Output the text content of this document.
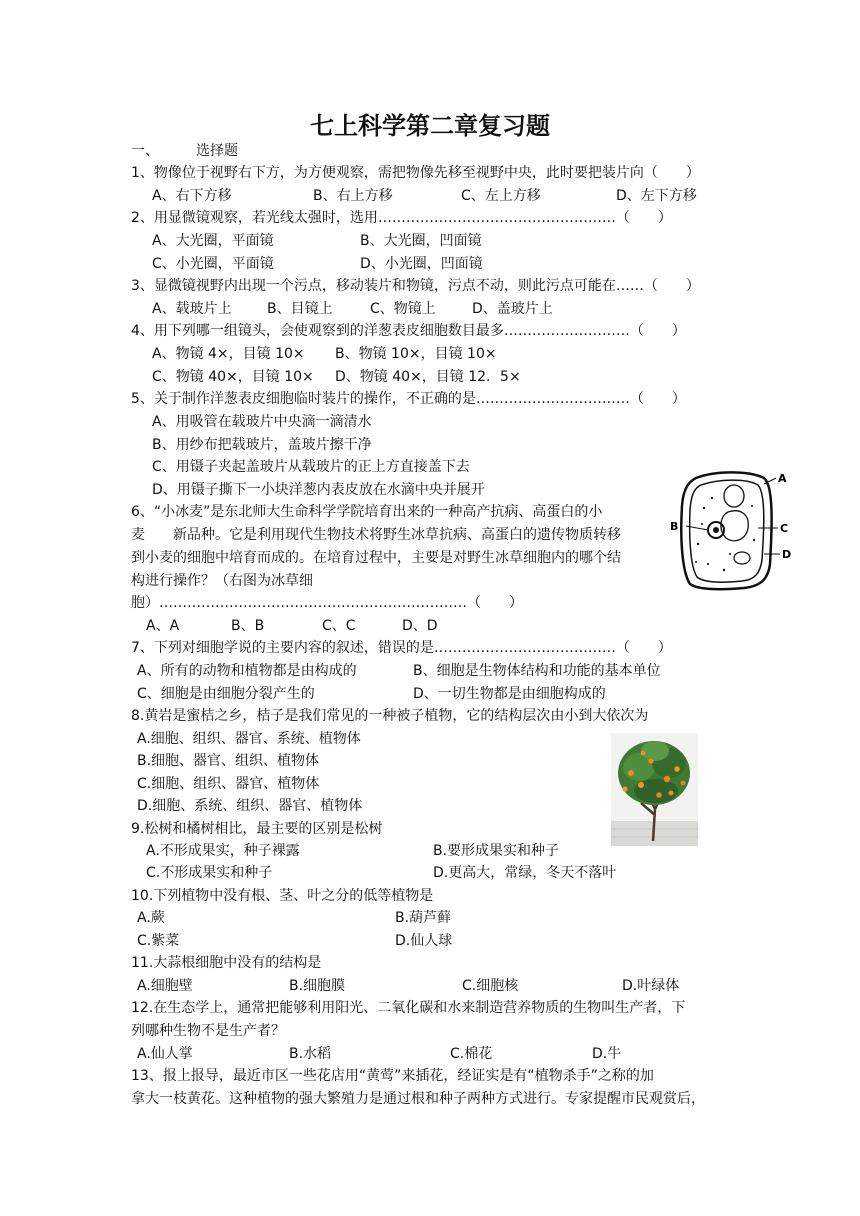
七上科学第二章复习题
一、	选择题
1、物像位于视野右下方，为方便观察，需把物像先移至视野中央，此时要把装片向（　　）
A、右下方移	B、右上方移	C、左上方移	D、左下方移
2、用显微镜观察，若光线太强时，选用……………………………………………（　　）
A、大光圈，平面镜	B、大光圈，凹面镜
C、小光圈，平面镜	D、小光圈，凹面镜
3、显微镜视野内出现一个污点，移动装片和物镜，污点不动，则此污点可能在……（　　）
A、载玻片上	B、目镜上	C、物镜上	D、盖玻片上
4、用下列哪一组镜头，会使观察到的洋葱表皮细胞数目最多………………………（　　）
A、物镜 4×，目镜 10× B、物镜 10×，目镜 10×
C、物镜 40×，目镜 10× D、物镜 40×，目镜 12．5×
5、关于制作洋葱表皮细胞临时装片的操作，不正确的是……………………………（　　）
A、用吸管在载玻片中央滴一滴清水
B、用纱布把载玻片，盖玻片擦干净
C、用镊子夹起盖玻片从载玻片的正上方直接盖下去
D、用镊子撕下一小块洋葱内表皮放在水滴中央并展开
6、“小冰麦”是东北师大生命科学学院培育出来的一种高产抗病、高蛋白的小
麦　　新品种。它是利用现代生物技术将野生冰草抗病、高蛋白的遗传物质转移
到小麦的细胞中培育而成的。在培育过程中，主要是对野生冰草细胞内的哪个结
构进行操作？（右图为冰草细
胞）…………………………………………………………（　　）
A、A	B、B	C、C	D、D
A
B	C
D
7、下列对细胞学说的主要内容的叙述，错误的是…………………………………（　　）
A、所有的动物和植物都是由构成的	B、细胞是生物体结构和功能的基本单位
C、细胞是由细胞分裂产生的	D、一切生物都是由细胞构成的
8.黄岩是蜜桔之乡，桔子是我们常见的一种被子植物，它的结构层次由小到大依次为
A.细胞、组织、器官、系统、植物体
B.细胞、器官、组织、植物体
C.细胞、组织、器官、植物体
D.细胞、系统、组织、器官、植物体
9.松树和橘树相比，最主要的区别是松树
A.不形成果实，种子裸露	B.要形成果实和种子
C.不形成果实和种子	D.更高大，常绿，冬天不落叶
10.下列植物中没有根、茎、叶之分的低等植物是
A.蕨	B.葫芦藓
C.紫菜	D.仙人球
11.大蒜根细胞中没有的结构是
A.细胞壁	B.细胞膜	C.细胞核	D.叶绿体
12.在生态学上，通常把能够利用阳光、二氧化碳和水来制造营养物质的生物叫生产者，下
列哪种生物不是生产者？
A.仙人掌	B.水稻	C.棉花	D.牛
13、报上报导，最近市区一些花店用“黄莺”来插花，经证实是有“植物杀手”之称的加
拿大一枝黄花。这种植物的强大繁殖力是通过根和种子两种方式进行。专家提醒市民观赏后，
